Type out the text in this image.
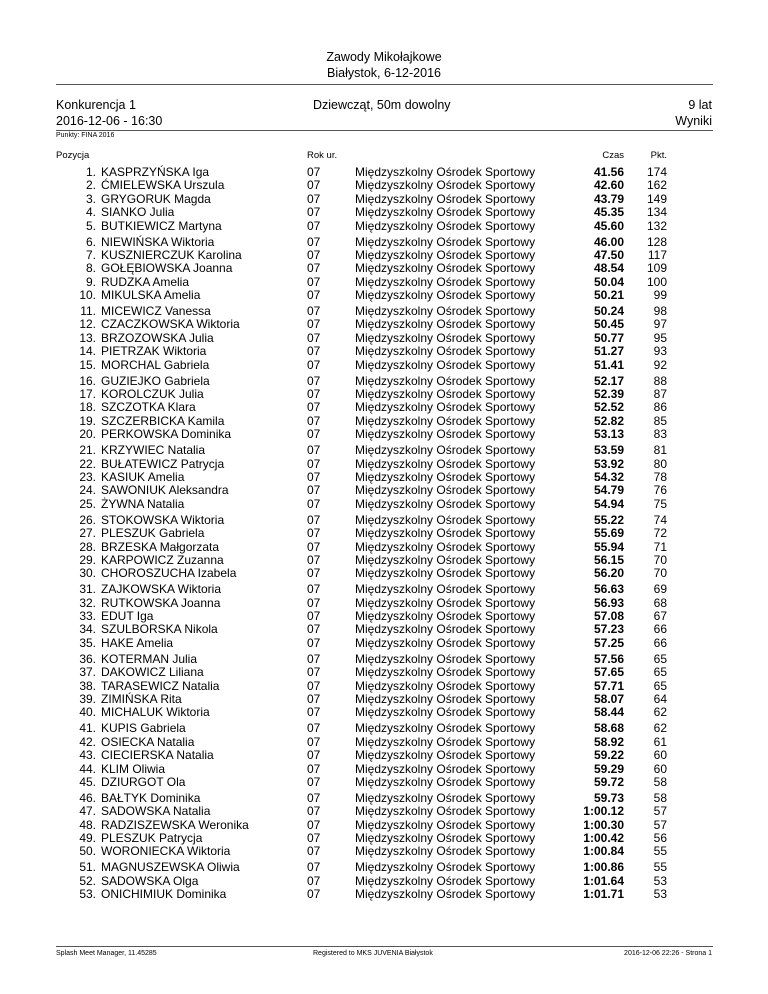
Zawody Mikołajkowe
Białystok, 6-12-2016
Konkurencja 1
2016-12-06 - 16:30
Dziewcząt, 50m dowolny	9 lat
Wyniki
Punkty: FINA 2016
Pozycja	Rok ur.	Czas	Pkt.
1. KASPRZYŃSKA Iga	07	Międzyszkolny Ośrodek Sportowy	41.56	174
2. ĆMIELEWSKA Urszula	07	Międzyszkolny Ośrodek Sportowy	42.60	162
3. GRYGORUK Magda	07	Międzyszkolny Ośrodek Sportowy	43.79	149
4. SIANKO Julia	07	Międzyszkolny Ośrodek Sportowy	45.35	134
5. BUTKIEWICZ Martyna	07	Międzyszkolny Ośrodek Sportowy	45.60	132
6. NIEWIŃSKA Wiktoria	07	Międzyszkolny Ośrodek Sportowy	46.00	128
7. KUSZNIERCZUK Karolina	07	Międzyszkolny Ośrodek Sportowy	47.50	117
8. GOŁĘBIOWSKA Joanna	07	Międzyszkolny Ośrodek Sportowy	48.54	109
9. RUDZKA Amelia	07	Międzyszkolny Ośrodek Sportowy	50.04	100
10. MIKULSKA Amelia	07	Międzyszkolny Ośrodek Sportowy	50.21	99
11. MICEWICZ Vanessa	07	Międzyszkolny Ośrodek Sportowy	50.24	98
12. CZACZKOWSKA Wiktoria	07	Międzyszkolny Ośrodek Sportowy	50.45	97
13. BRZOZOWSKA Julia	07	Międzyszkolny Ośrodek Sportowy	50.77	95
14. PIETRZAK Wiktoria	07	Międzyszkolny Ośrodek Sportowy	51.27	93
15. MORCHAL Gabriela	07	Międzyszkolny Ośrodek Sportowy	51.41	92
16. GUZIEJKO Gabriela	07	Międzyszkolny Ośrodek Sportowy	52.17	88
17. KOROLCZUK Julia	07	Międzyszkolny Ośrodek Sportowy	52.39	87
18. SZCZOTKA Klara	07	Międzyszkolny Ośrodek Sportowy	52.52	86
19. SZCZERBICKA Kamila	07	Międzyszkolny Ośrodek Sportowy	52.82	85
20. PERKOWSKA Dominika	07	Międzyszkolny Ośrodek Sportowy	53.13	83
21. KRZYWIEC Natalia	07	Międzyszkolny Ośrodek Sportowy	53.59	81
22. BUŁATEWICZ Patrycja	07	Międzyszkolny Ośrodek Sportowy	53.92	80
23. KASIUK Amelia	07	Międzyszkolny Ośrodek Sportowy	54.32	78
24. SAWONIUK Aleksandra	07	Międzyszkolny Ośrodek Sportowy	54.79	76
25. ŻYWNA Natalia	07	Międzyszkolny Ośrodek Sportowy	54.94	75
26. STOKOWSKA Wiktoria	07	Międzyszkolny Ośrodek Sportowy	55.22	74
27. PLESZUK Gabriela	07	Międzyszkolny Ośrodek Sportowy	55.69	72
28. BRZESKA Małgorzata	07	Międzyszkolny Ośrodek Sportowy	55.94	71
29. KARPOWICZ Zuzanna	07	Międzyszkolny Ośrodek Sportowy	56.15	70
30. CHOROSZUCHA Izabela	07	Międzyszkolny Ośrodek Sportowy	56.20	70
31. ZAJKOWSKA Wiktoria	07	Międzyszkolny Ośrodek Sportowy	56.63	69
32. RUTKOWSKA Joanna	07	Międzyszkolny Ośrodek Sportowy	56.93	68
33. EDUT Iga	07	Międzyszkolny Ośrodek Sportowy	57.08	67
34. SZULBORSKA Nikola	07	Międzyszkolny Ośrodek Sportowy	57.23	66
35. HAKE Amelia	07	Międzyszkolny Ośrodek Sportowy	57.25	66
36. KOTERMAN Julia	07	Międzyszkolny Ośrodek Sportowy	57.56	65
37. DAKOWICZ Liliana	07	Międzyszkolny Ośrodek Sportowy	57.65	65
38. TARASEWICZ Natalia	07	Międzyszkolny Ośrodek Sportowy	57.71	65
39. ZIMIŃSKA Rita	07	Międzyszkolny Ośrodek Sportowy	58.07	64
40. MICHALUK Wiktoria	07	Międzyszkolny Ośrodek Sportowy	58.44	62
41. KUPIS Gabriela	07	Międzyszkolny Ośrodek Sportowy	58.68	62
42. OSIECKA Natalia	07	Międzyszkolny Ośrodek Sportowy	58.92	61
43. CIECIERSKA Natalia	07	Międzyszkolny Ośrodek Sportowy	59.22	60
44. KLIM Oliwia	07	Międzyszkolny Ośrodek Sportowy	59.29	60
45. DZIURGOT Ola	07	Międzyszkolny Ośrodek Sportowy	59.72	58
46. BAŁTYK Dominika	07	Międzyszkolny Ośrodek Sportowy	59.73	58
47. SADOWSKA Natalia	07	Międzyszkolny Ośrodek Sportowy	1:00.12	57
48. RADZISZEWSKA Weronika	07	Międzyszkolny Ośrodek Sportowy	1:00.30	57
49. PLESZUK Patrycja	07	Międzyszkolny Ośrodek Sportowy	1:00.42	56
50. WORONIECKA Wiktoria	07	Międzyszkolny Ośrodek Sportowy	1:00.84	55
51. MAGNUSZEWSKA Oliwia	07	Międzyszkolny Ośrodek Sportowy	1:00.86	55
52. SADOWSKA Olga	07	Międzyszkolny Ośrodek Sportowy	1:01.64	53
53. ONICHIMIUK Dominika	07	Międzyszkolny Ośrodek Sportowy	1:01.71	53
Splash Meet Manager, 11.45285	Registered to MKS JUVENIA Białystok	2016-12-06 22:26 - Strona 1
